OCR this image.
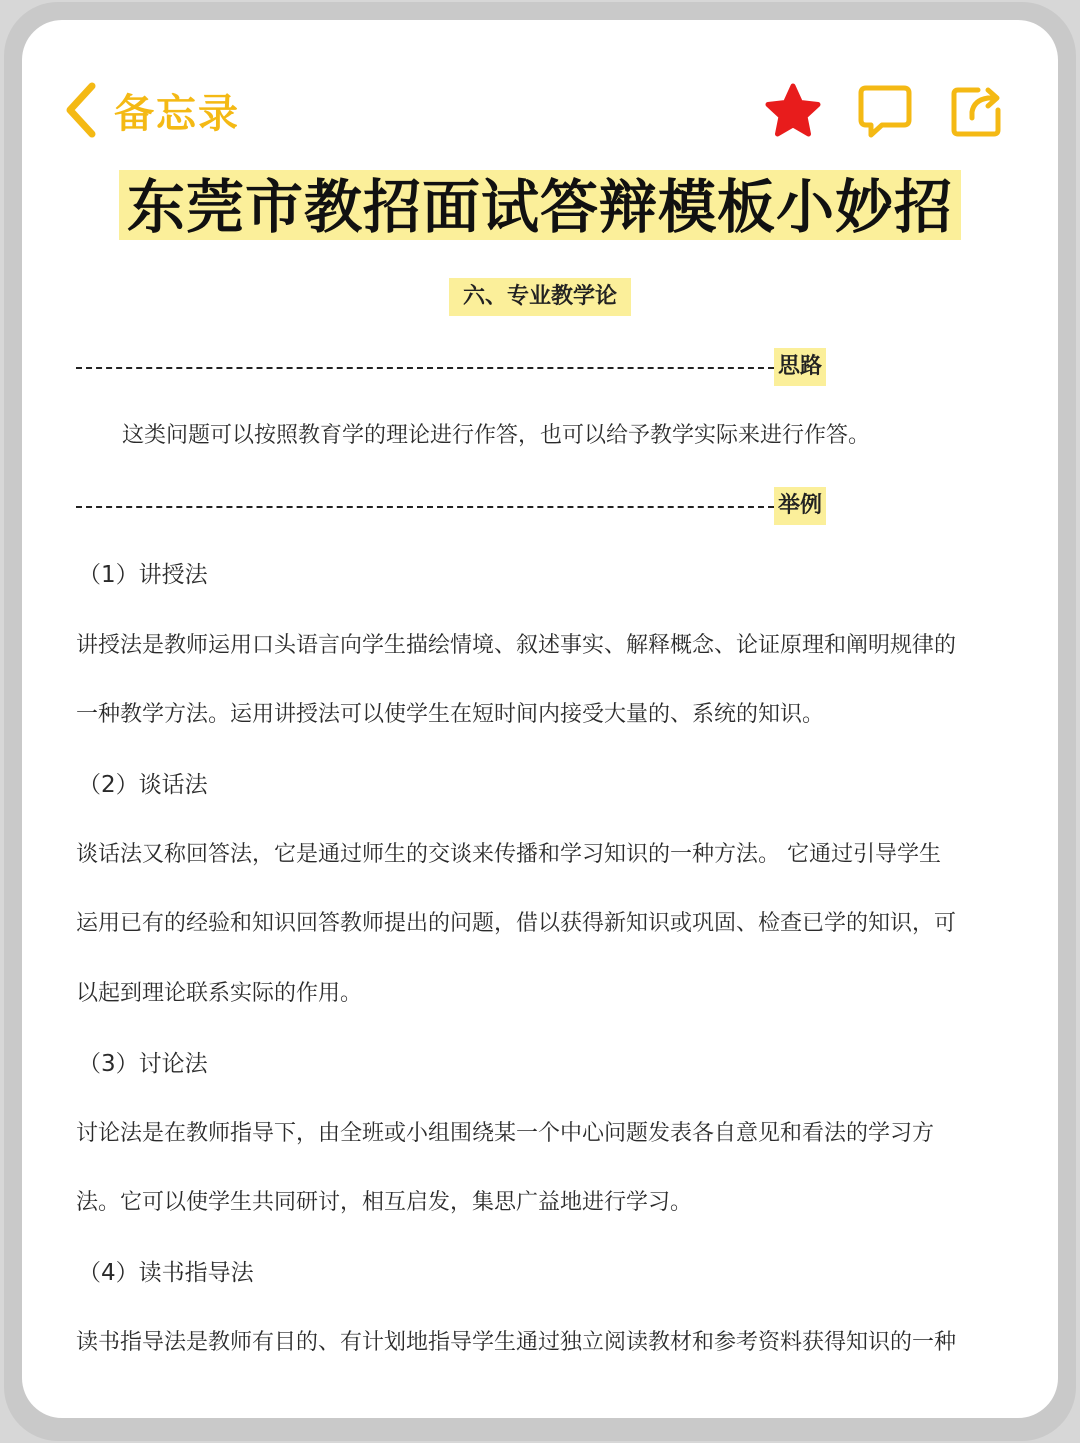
备忘录
东莞市教招面试答辩模板小妙招
六、专业教学论
思路
这类问题可以按照教育学的理论进行作答，也可以给予教学实际来进行作答。
举例
（1）讲授法
讲授法是教师运用口头语言向学生描绘情境、叙述事实、解释概念、论证原理和阐明规律的
一种教学方法。运用讲授法可以使学生在短时间内接受大量的、系统的知识。
（2）谈话法
谈话法又称回答法，它是通过师生的交谈来传播和学习知识的一种方法。 它通过引导学生
运用已有的经验和知识回答教师提出的问题，借以获得新知识或巩固、检查已学的知识，可
以起到理论联系实际的作用。
（3）讨论法
讨论法是在教师指导下，由全班或小组围绕某一个中心问题发表各自意见和看法的学习方
法。它可以使学生共同研讨，相互启发，集思广益地进行学习。
（4）读书指导法
读书指导法是教师有目的、有计划地指导学生通过独立阅读教材和参考资料获得知识的一种
